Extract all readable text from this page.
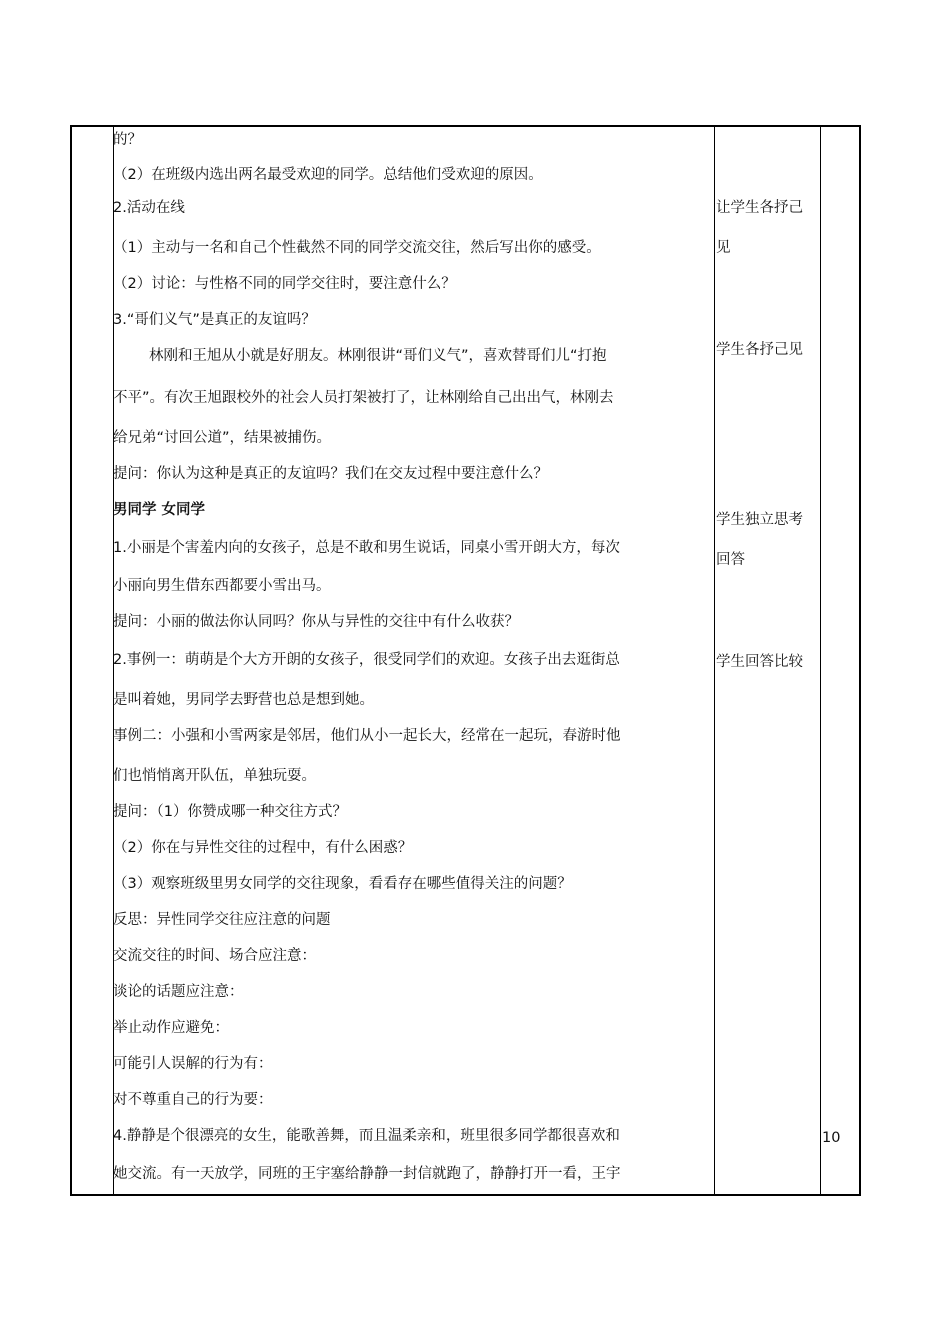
的？
（2）在班级内选出两名最受欢迎的同学。总结他们受欢迎的原因。
2.活动在线
（1）主动与一名和自己个性截然不同的同学交流交往，然后写出你的感受。
（2）讨论：与性格不同的同学交往时，要注意什么？
3.“哥们义气”是真正的友谊吗？
林刚和王旭从小就是好朋友。林刚很讲“哥们义气”，喜欢替哥们儿“打抱
不平”。有次王旭跟校外的社会人员打架被打了，让林刚给自己出出气，林刚去
给兄弟“讨回公道”，结果被捕伤。
提问：你认为这种是真正的友谊吗？我们在交友过程中要注意什么？
男同学 女同学
1.小丽是个害羞内向的女孩子，总是不敢和男生说话，同桌小雪开朗大方，每次
小丽向男生借东西都要小雪出马。
提问：小丽的做法你认同吗？你从与异性的交往中有什么收获？
2.事例一：萌萌是个大方开朗的女孩子，很受同学们的欢迎。女孩子出去逛街总
是叫着她，男同学去野营也总是想到她。
事例二：小强和小雪两家是邻居，他们从小一起长大，经常在一起玩，春游时他
们也悄悄离开队伍，单独玩耍。
提问：（1）你赞成哪一种交往方式？
（2）你在与异性交往的过程中，有什么困惑？
（3）观察班级里男女同学的交往现象，看看存在哪些值得关注的问题？
反思：异性同学交往应注意的问题
交流交往的时间、场合应注意：
谈论的话题应注意：
举止动作应避免：
可能引人误解的行为有：
对不尊重自己的行为要：
4.静静是个很漂亮的女生，能歌善舞，而且温柔亲和，班里很多同学都很喜欢和
她交流。有一天放学，同班的王宇塞给静静一封信就跑了，静静打开一看，王宇
让学生各抒己
见
学生各抒己见
学生独立思考
回答
学生回答比较
10
